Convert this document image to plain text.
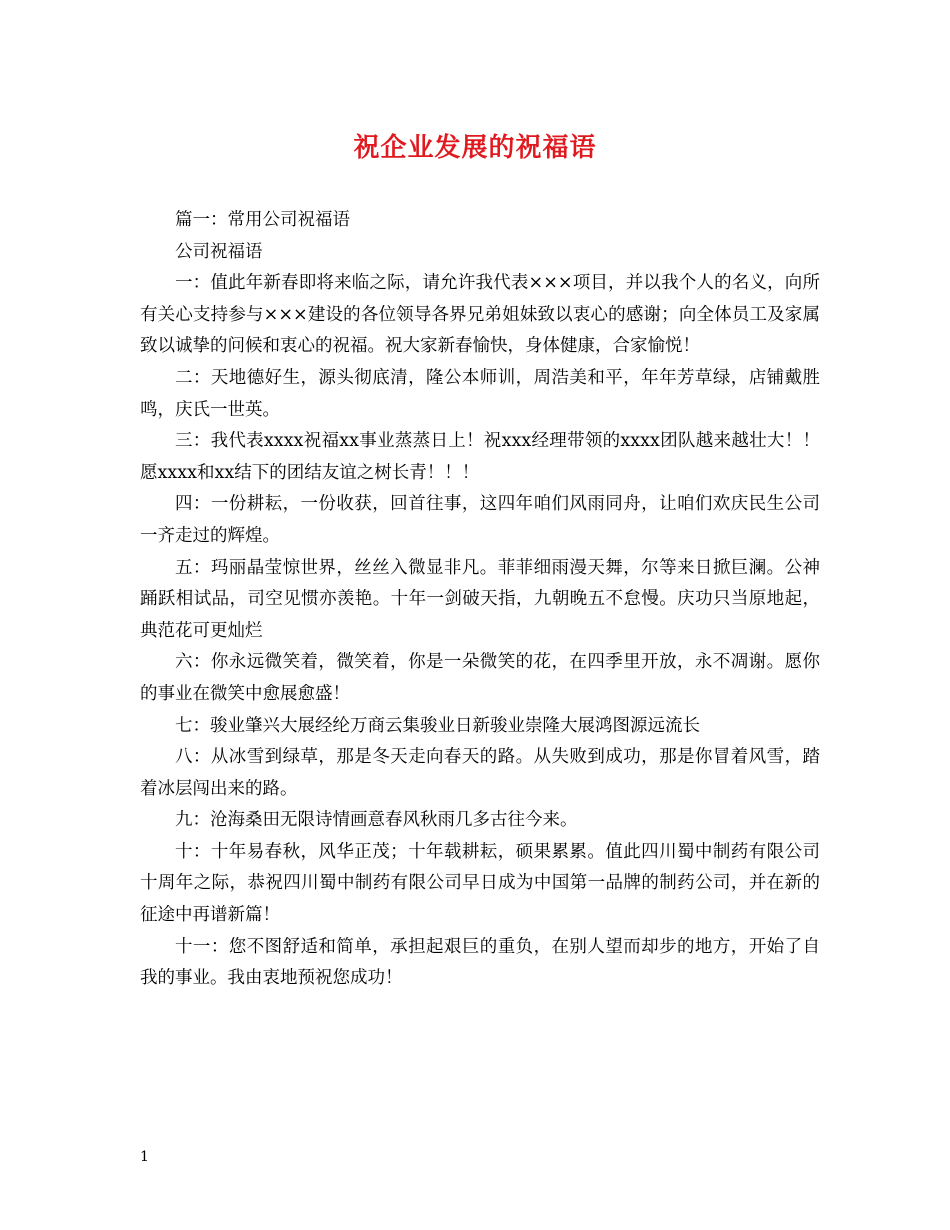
祝企业发展的祝福语

篇一：常用公司祝福语

公司祝福语

一：值此年新春即将来临之际，请允许我代表×××项目，并以我个人的名义，向所有关心支持参与×××建设的各位领导各界兄弟姐妹致以衷心的感谢；向全体员工及家属致以诚挚的问候和衷心的祝福。祝大家新春愉快，身体健康，合家愉悦！

二：天地德好生，源头彻底清，隆公本师训，周浩美和平，年年芳草绿，店铺戴胜鸣，庆氏一世英。

三：我代表xxxx祝福xx事业蒸蒸日上！祝xxx经理带领的xxxx团队越来越壮大！！愿xxxx和xx结下的团结友谊之树长青！！！

四：一份耕耘，一份收获，回首往事，这四年咱们风雨同舟，让咱们欢庆民生公司一齐走过的辉煌。

五：玛丽晶莹惊世界，丝丝入微显非凡。菲菲细雨漫天舞，尔等来日掀巨澜。公神踊跃相试品，司空见惯亦羡艳。十年一剑破天指，九朝晚五不怠慢。庆功只当原地起，典范花可更灿烂

六：你永远微笑着，微笑着，你是一朵微笑的花，在四季里开放，永不凋谢。愿你的事业在微笑中愈展愈盛！

七：骏业肇兴大展经纶万商云集骏业日新骏业崇隆大展鸿图源远流长

八：从冰雪到绿草，那是冬天走向春天的路。从失败到成功，那是你冒着风雪，踏着冰层闯出来的路。

九：沧海桑田无限诗情画意春风秋雨几多古往今来。

十：十年易春秋，风华正茂；十年载耕耘，硕果累累。值此四川蜀中制药有限公司十周年之际，恭祝四川蜀中制药有限公司早日成为中国第一品牌的制药公司，并在新的征途中再谱新篇！

十一：您不图舒适和简单，承担起艰巨的重负，在别人望而却步的地方，开始了自我的事业。我由衷地预祝您成功！

1
